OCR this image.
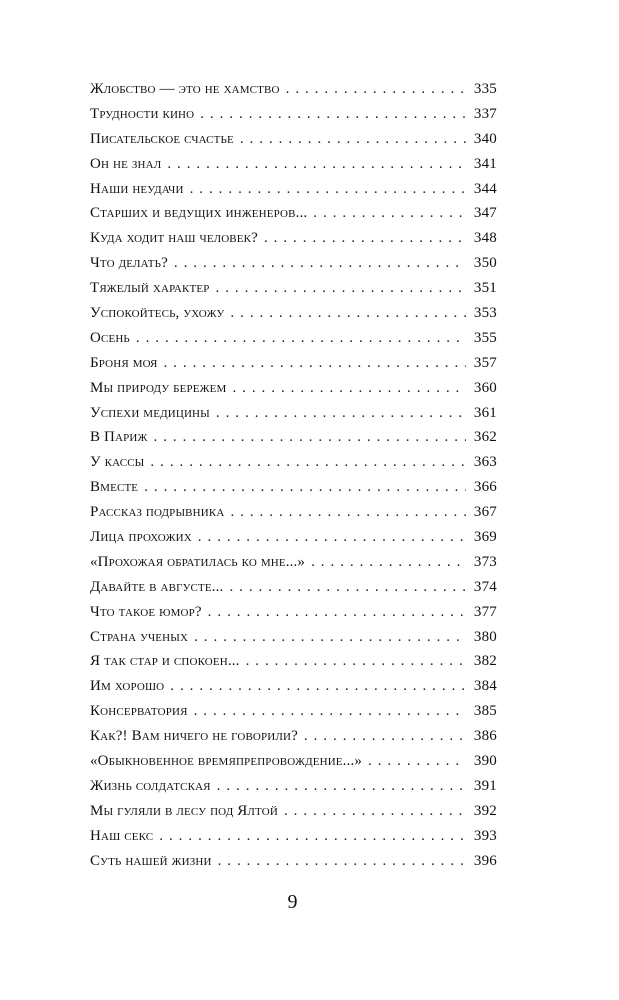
Жлобство — это не хамство . . .	335
Трудности кино . . .	337
Писательское счастье . . .	340
Он не знал . . .	341
Наши неудачи . . .	344
Старших и ведущих инженеров... . . .	347
Куда ходит наш человек? . . .	348
Что делать? . . .	350
Тяжелый характер . . .	351
Успокойтесь, ухожу . . .	353
Осень . . .	355
Броня моя . . .	357
Мы природу бережем . . .	360
Успехи медицины . . .	361
В Париж . . .	362
У кассы . . .	363
Вместе . . .	366
Рассказ подрывника . . .	367
Лица прохожих . . .	369
«Прохожая обратилась ко мне...» . . .	373
Давайте в августе... . . .	374
Что такое юмор? . . .	377
Страна ученых . . .	380
Я так стар и спокоен... . . .	382
Им хорошо . . .	384
Консерватория . . .	385
Как?! Вам ничего не говорили? . . .	386
«Обыкновенное времяпрепровождение...» . . .	390
Жизнь солдатская . . .	391
Мы гуляли в лесу под Ялтой . . .	392
Наш секс . . .	393
Суть нашей жизни . . .	396
9
